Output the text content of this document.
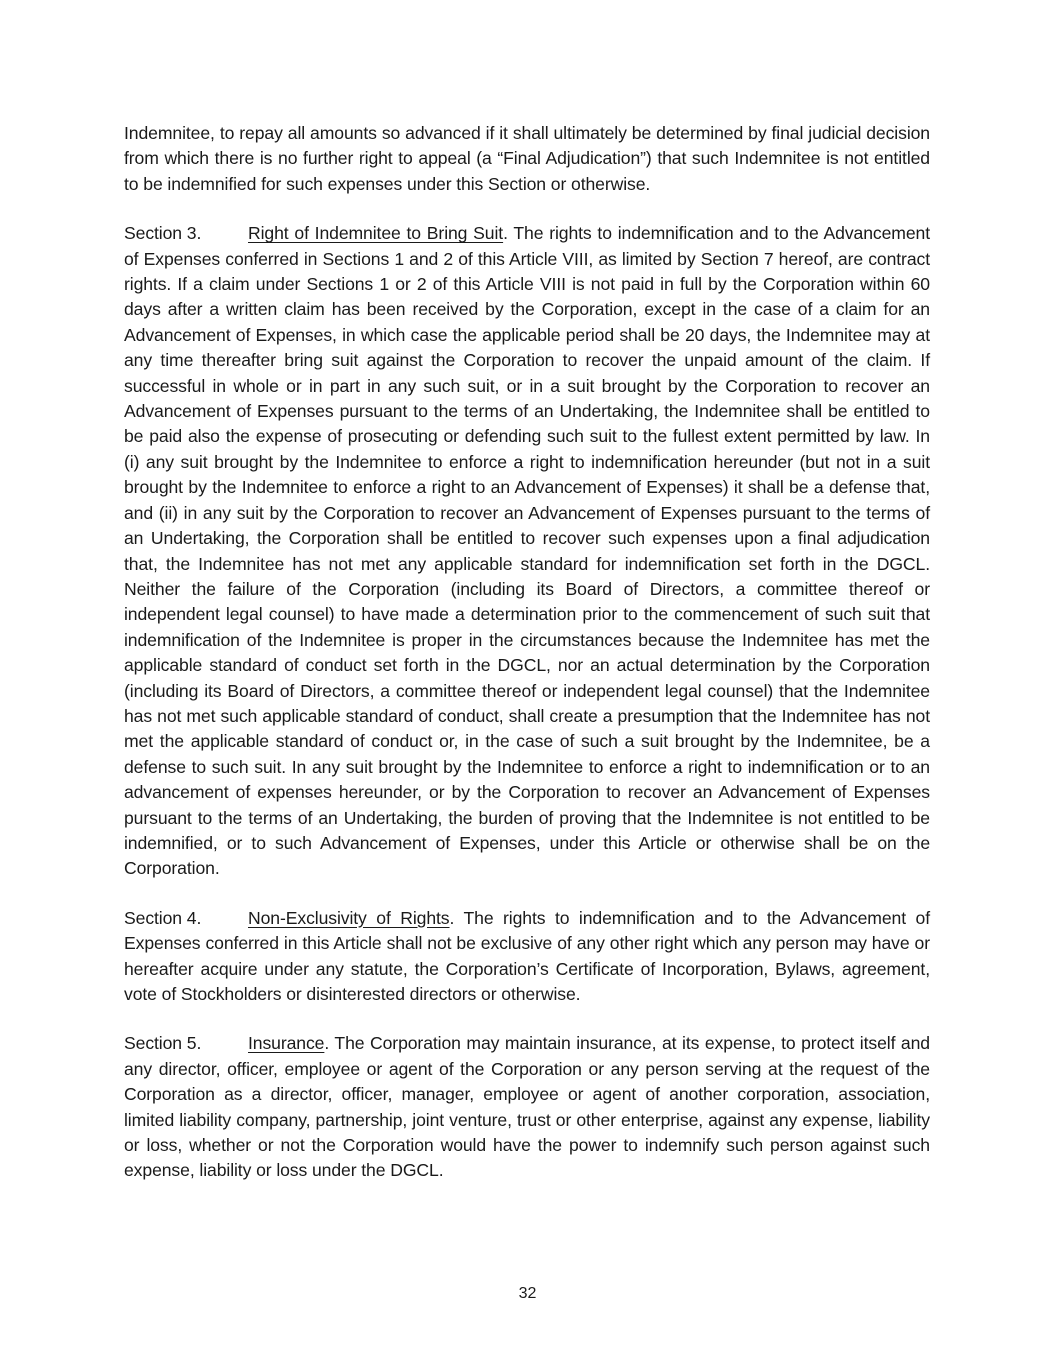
Indemnitee, to repay all amounts so advanced if it shall ultimately be determined by final judicial decision from which there is no further right to appeal (a “Final Adjudication”) that such Indemnitee is not entitled to be indemnified for such expenses under this Section or otherwise.

Section 3.	Right of Indemnitee to Bring Suit. The rights to indemnification and to the Advancement of Expenses conferred in Sections 1 and 2 of this Article VIII, as limited by Section 7 hereof, are contract rights. If a claim under Sections 1 or 2 of this Article VIII is not paid in full by the Corporation within 60 days after a written claim has been received by the Corporation, except in the case of a claim for an Advancement of Expenses, in which case the applicable period shall be 20 days, the Indemnitee may at any time thereafter bring suit against the Corporation to recover the unpaid amount of the claim. If successful in whole or in part in any such suit, or in a suit brought by the Corporation to recover an Advancement of Expenses pursuant to the terms of an Undertaking, the Indemnitee shall be entitled to be paid also the expense of prosecuting or defending such suit to the fullest extent permitted by law. In (i) any suit brought by the Indemnitee to enforce a right to indemnification hereunder (but not in a suit brought by the Indemnitee to enforce a right to an Advancement of Expenses) it shall be a defense that, and (ii) in any suit by the Corporation to recover an Advancement of Expenses pursuant to the terms of an Undertaking, the Corporation shall be entitled to recover such expenses upon a final adjudication that, the Indemnitee has not met any applicable standard for indemnification set forth in the DGCL. Neither the failure of the Corporation (including its Board of Directors, a committee thereof or independent legal counsel) to have made a determination prior to the commencement of such suit that indemnification of the Indemnitee is proper in the circumstances because the Indemnitee has met the applicable standard of conduct set forth in the DGCL, nor an actual determination by the Corporation (including its Board of Directors, a committee thereof or independent legal counsel) that the Indemnitee has not met such applicable standard of conduct, shall create a presumption that the Indemnitee has not met the applicable standard of conduct or, in the case of such a suit brought by the Indemnitee, be a defense to such suit. In any suit brought by the Indemnitee to enforce a right to indemnification or to an advancement of expenses hereunder, or by the Corporation to recover an Advancement of Expenses pursuant to the terms of an Undertaking, the burden of proving that the Indemnitee is not entitled to be indemnified, or to such Advancement of Expenses, under this Article or otherwise shall be on the Corporation.

Section 4.	Non-Exclusivity of Rights. The rights to indemnification and to the Advancement of Expenses conferred in this Article shall not be exclusive of any other right which any person may have or hereafter acquire under any statute, the Corporation’s Certificate of Incorporation, Bylaws, agreement, vote of Stockholders or disinterested directors or otherwise.

Section 5.	Insurance. The Corporation may maintain insurance, at its expense, to protect itself and any director, officer, employee or agent of the Corporation or any person serving at the request of the Corporation as a director, officer, manager, employee or agent of another corporation, association, limited liability company, partnership, joint venture, trust or other enterprise, against any expense, liability or loss, whether or not the Corporation would have the power to indemnify such person against such expense, liability or loss under the DGCL.

32
